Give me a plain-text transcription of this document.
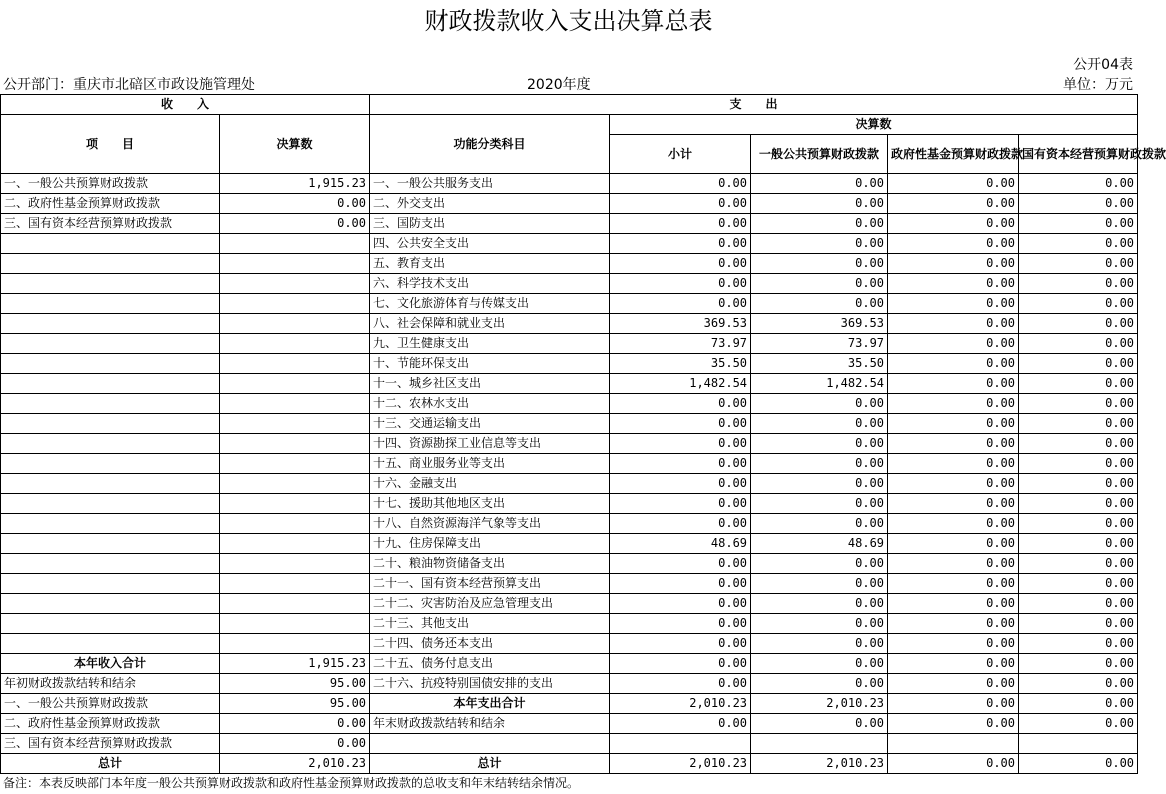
财政拨款收入支出决算总表
公开04表
公开部门：重庆市北碚区市政设施管理处	2020年度	单位：万元
收　　入		支　　出				
项　　目	决算数	功能分类科目	决算数			
			小计	一般公共预算财政拨款	政府性基金预算财政拨款	国有资本经营预算财政拨款
一、一般公共预算财政拨款	1,915.23	一、一般公共服务支出	0.00	0.00	0.00	0.00
二、政府性基金预算财政拨款	0.00	二、外交支出	0.00	0.00	0.00	0.00
三、国有资本经营预算财政拨款	0.00	三、国防支出	0.00	0.00	0.00	0.00
		四、公共安全支出	0.00	0.00	0.00	0.00
		五、教育支出	0.00	0.00	0.00	0.00
		六、科学技术支出	0.00	0.00	0.00	0.00
		七、文化旅游体育与传媒支出	0.00	0.00	0.00	0.00
		八、社会保障和就业支出	369.53	369.53	0.00	0.00
		九、卫生健康支出	73.97	73.97	0.00	0.00
		十、节能环保支出	35.50	35.50	0.00	0.00
		十一、城乡社区支出	1,482.54	1,482.54	0.00	0.00
		十二、农林水支出	0.00	0.00	0.00	0.00
		十三、交通运输支出	0.00	0.00	0.00	0.00
		十四、资源勘探工业信息等支出	0.00	0.00	0.00	0.00
		十五、商业服务业等支出	0.00	0.00	0.00	0.00
		十六、金融支出	0.00	0.00	0.00	0.00
		十七、援助其他地区支出	0.00	0.00	0.00	0.00
		十八、自然资源海洋气象等支出	0.00	0.00	0.00	0.00
		十九、住房保障支出	48.69	48.69	0.00	0.00
		二十、粮油物资储备支出	0.00	0.00	0.00	0.00
		二十一、国有资本经营预算支出	0.00	0.00	0.00	0.00
		二十二、灾害防治及应急管理支出	0.00	0.00	0.00	0.00
		二十三、其他支出	0.00	0.00	0.00	0.00
		二十四、债务还本支出	0.00	0.00	0.00	0.00
本年收入合计	1,915.23	二十五、债务付息支出	0.00	0.00	0.00	0.00
年初财政拨款结转和结余	95.00	二十六、抗疫特别国债安排的支出	0.00	0.00	0.00	0.00
一、一般公共预算财政拨款	95.00	本年支出合计	2,010.23	2,010.23	0.00	0.00
二、政府性基金预算财政拨款	0.00	年末财政拨款结转和结余	0.00	0.00	0.00	0.00
三、国有资本经营预算财政拨款	0.00					
总计	2,010.23	总计	2,010.23	2,010.23	0.00	0.00
备注：本表反映部门本年度一般公共预算财政拨款和政府性基金预算财政拨款的总收支和年末结转结余情况。
